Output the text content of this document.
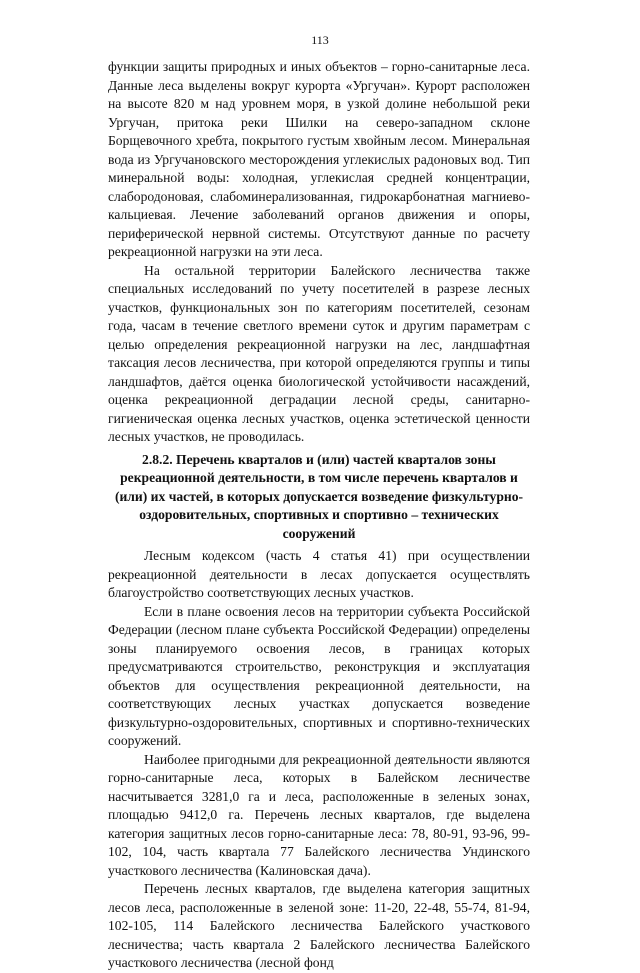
113

функции защиты природных и иных объектов – горно-санитарные леса. Данные леса выделены вокруг курорта «Ургучан». Курорт расположен на высоте 820 м над уровнем моря, в узкой долине небольшой реки Ургучан, притока реки Шилки на северо-западном склоне Борщевочного хребта, покрытого густым хвойным лесом. Минеральная вода из Ургучановского месторождения углекислых радоновых вод. Тип минеральной воды: холодная, углекислая средней концентрации, слабородоновая, слабоминерализованная, гидрокарбонатная магниево-кальциевая. Лечение заболеваний органов движения и опоры, периферической нервной системы. Отсутствуют данные по расчету рекреационной нагрузки на эти леса.

На остальной территории Балейского лесничества также специальных исследований по учету посетителей в разрезе лесных участков, функциональных зон по категориям посетителей, сезонам года, часам в течение светлого времени суток и другим параметрам с целью определения рекреационной нагрузки на лес, ландшафтная таксация лесов лесничества, при которой определяются группы и типы ландшафтов, даётся оценка биологической устойчивости насаждений, оценка рекреационной деградации лесной среды, санитарно- гигиеническая оценка лесных участков, оценка эстетической ценности лесных участков, не проводилась.

2.8.2. Перечень кварталов и (или) частей кварталов зоны рекреационной деятельности, в том числе перечень кварталов и (или) их частей, в которых допускается возведение физкультурно-оздоровительных, спортивных и спортивно – технических сооружений

Лесным кодексом (часть 4 статья 41) при осуществлении рекреационной деятельности в лесах допускается осуществлять благоустройство соответствующих лесных участков.

Если в плане освоения лесов на территории субъекта Российской Федерации (лесном плане субъекта Российской Федерации) определены зоны планируемого освоения лесов, в границах которых предусматриваются строительство, реконструкция и эксплуатация объектов для осуществления рекреационной деятельности, на соответствующих лесных участках допускается возведение физкультурно-оздоровительных, спортивных и спортивно-технических сооружений.

Наиболее пригодными для рекреационной деятельности являются горно-санитарные леса, которых в Балейском лесничестве насчитывается 3281,0 га и леса, расположенные в зеленых зонах, площадью 9412,0 га. Перечень лесных кварталов, где выделена категория защитных лесов горно-санитарные леса: 78, 80-91, 93-96, 99-102, 104, часть квартала 77 Балейского лесничества Ундинского участкового лесничества (Калиновская дача).

Перечень лесных кварталов, где выделена категория защитных лесов леса, расположенные в зеленой зоне: 11-20, 22-48, 55-74, 81-94, 102-105, 114 Балейского лесничества Балейского участкового лесничества; часть квартала 2 Балейского лесничества Балейского участкового лесничества (лесной фонд
